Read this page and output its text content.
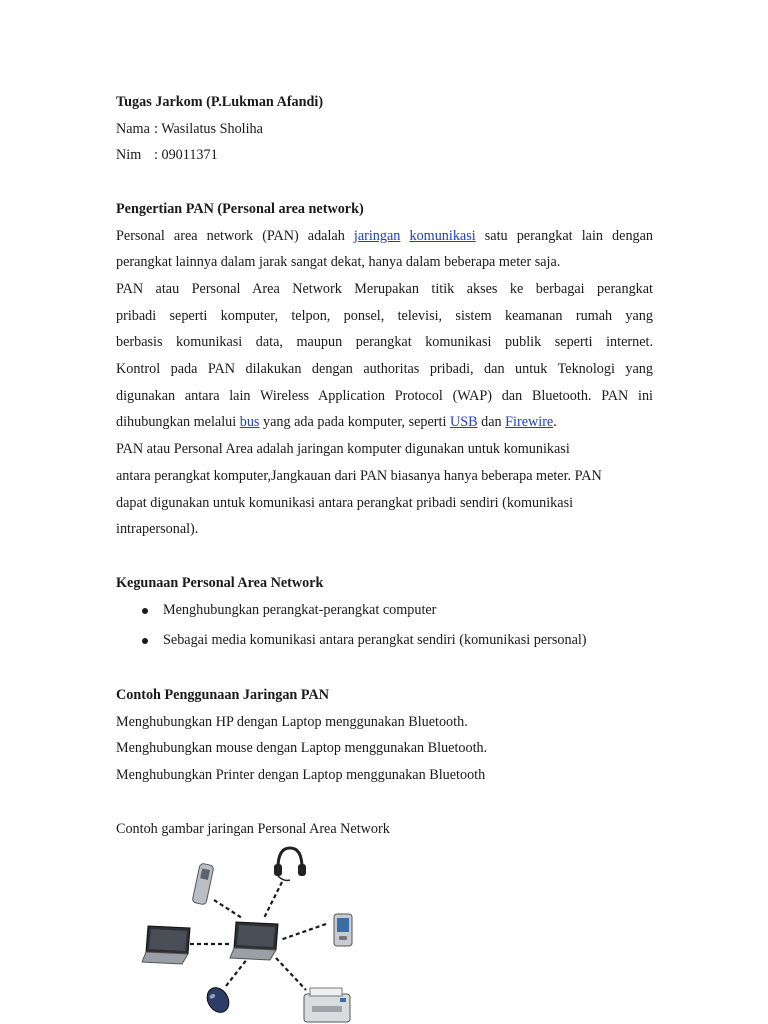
Tugas Jarkom (P.Lukman Afandi)
Nama : Wasilatus Sholiha
Nim : 09011371
Pengertian PAN (Personal area network)
Personal area network (PAN) adalah jaringan komunikasi satu perangkat lain dengan
perangkat lainnya dalam jarak sangat dekat, hanya dalam beberapa meter saja.
PAN atau Personal Area Network Merupakan titik akses ke berbagai perangkat
pribadi seperti komputer, telpon, ponsel, televisi, sistem keamanan rumah yang
berbasis komunikasi data, maupun perangkat komunikasi publik seperti internet.
Kontrol pada PAN dilakukan dengan authoritas pribadi, dan untuk Teknologi yang
digunakan antara lain Wireless Application Protocol (WAP) dan Bluetooth. PAN ini
dihubungkan melalui bus yang ada pada komputer, seperti USB dan Firewire.
PAN atau Personal Area adalah jaringan komputer digunakan untuk komunikasi
antara perangkat komputer,Jangkauan dari PAN biasanya hanya beberapa meter. PAN
dapat digunakan untuk komunikasi antara perangkat pribadi sendiri (komunikasi
intrapersonal).
Kegunaan Personal Area Network
Menghubungkan perangkat-perangkat computer
Sebagai media komunikasi antara perangkat sendiri (komunikasi personal)
Contoh Penggunaan Jaringan PAN
Menghubungkan HP dengan Laptop menggunakan Bluetooth.
Menghubungkan mouse dengan Laptop menggunakan Bluetooth.
Menghubungkan Printer dengan Laptop menggunakan Bluetooth
Contoh gambar jaringan Personal Area Network
